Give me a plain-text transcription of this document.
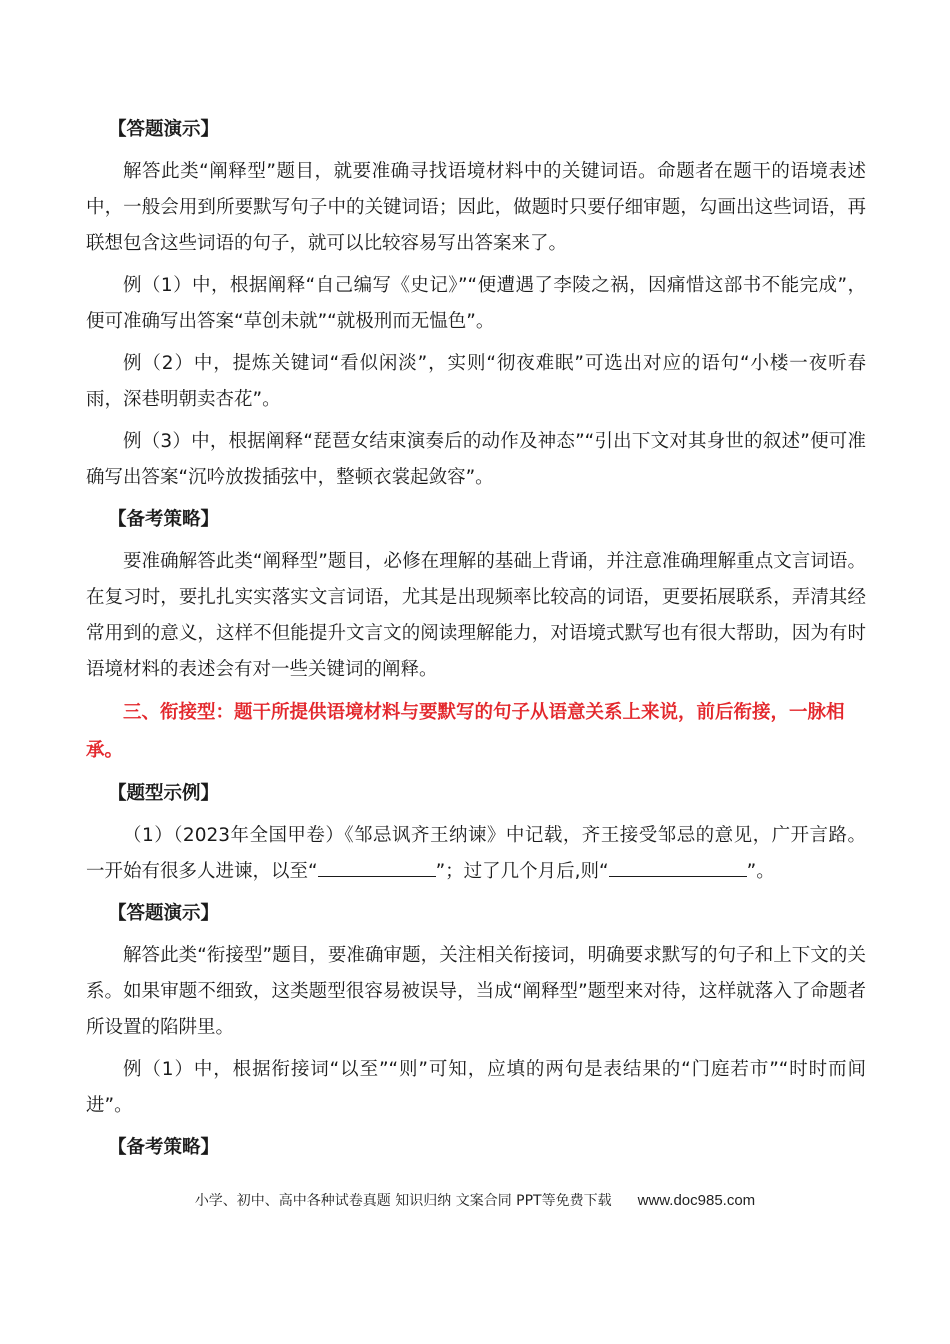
【答题演示】

解答此类“阐释型”题目，就要准确寻找语境材料中的关键词语。命题者在题干的语境表述中，一般会用到所要默写句子中的关键词语；因此，做题时只要仔细审题，勾画出这些词语，再联想包含这些词语的句子，就可以比较容易写出答案来了。

例（1）中，根据阐释“自己编写《史记》”“便遭遇了李陵之祸，因痛惜这部书不能完成”，便可准确写出答案“草创未就”“就极刑而无愠色”。

例（2）中，提炼关键词“看似闲淡”，实则“彻夜难眠”可选出对应的语句“小楼一夜听春雨，深巷明朝卖杏花”。

例（3）中，根据阐释“琵琶女结束演奏后的动作及神态”“引出下文对其身世的叙述”便可准确写出答案“沉吟放拨插弦中，整顿衣裳起敛容”。

【备考策略】

要准确解答此类“阐释型”题目，必修在理解的基础上背诵，并注意准确理解重点文言词语。在复习时，要扎扎实实落实文言词语，尤其是出现频率比较高的词语，更要拓展联系，弄清其经常用到的意义，这样不但能提升文言文的阅读理解能力，对语境式默写也有很大帮助，因为有时语境材料的表述会有对一些关键词的阐释。

三、衔接型：题干所提供语境材料与要默写的句子从语意关系上来说，前后衔接，一脉相承。

【题型示例】

（1）（2023年全国甲卷）《邹忌讽齐王纳谏》中记载，齐王接受邹忌的意见，广开言路。一开始有很多人进谏，以至“	”；过了几个月后,则“	”。

【答题演示】

解答此类“衔接型”题目，要准确审题，关注相关衔接词，明确要求默写的句子和上下文的关系。如果审题不细致，这类题型很容易被误导，当成“阐释型”题型来对待，这样就落入了命题者所设置的陷阱里。

例（1）中，根据衔接词“以至”“则”可知，应填的两句是表结果的“门庭若市”“时时而间进”。

【备考策略】
小学、初中、高中各种试卷真题 知识归纳 文案合同 PPT等免费下载 www.doc985.com
